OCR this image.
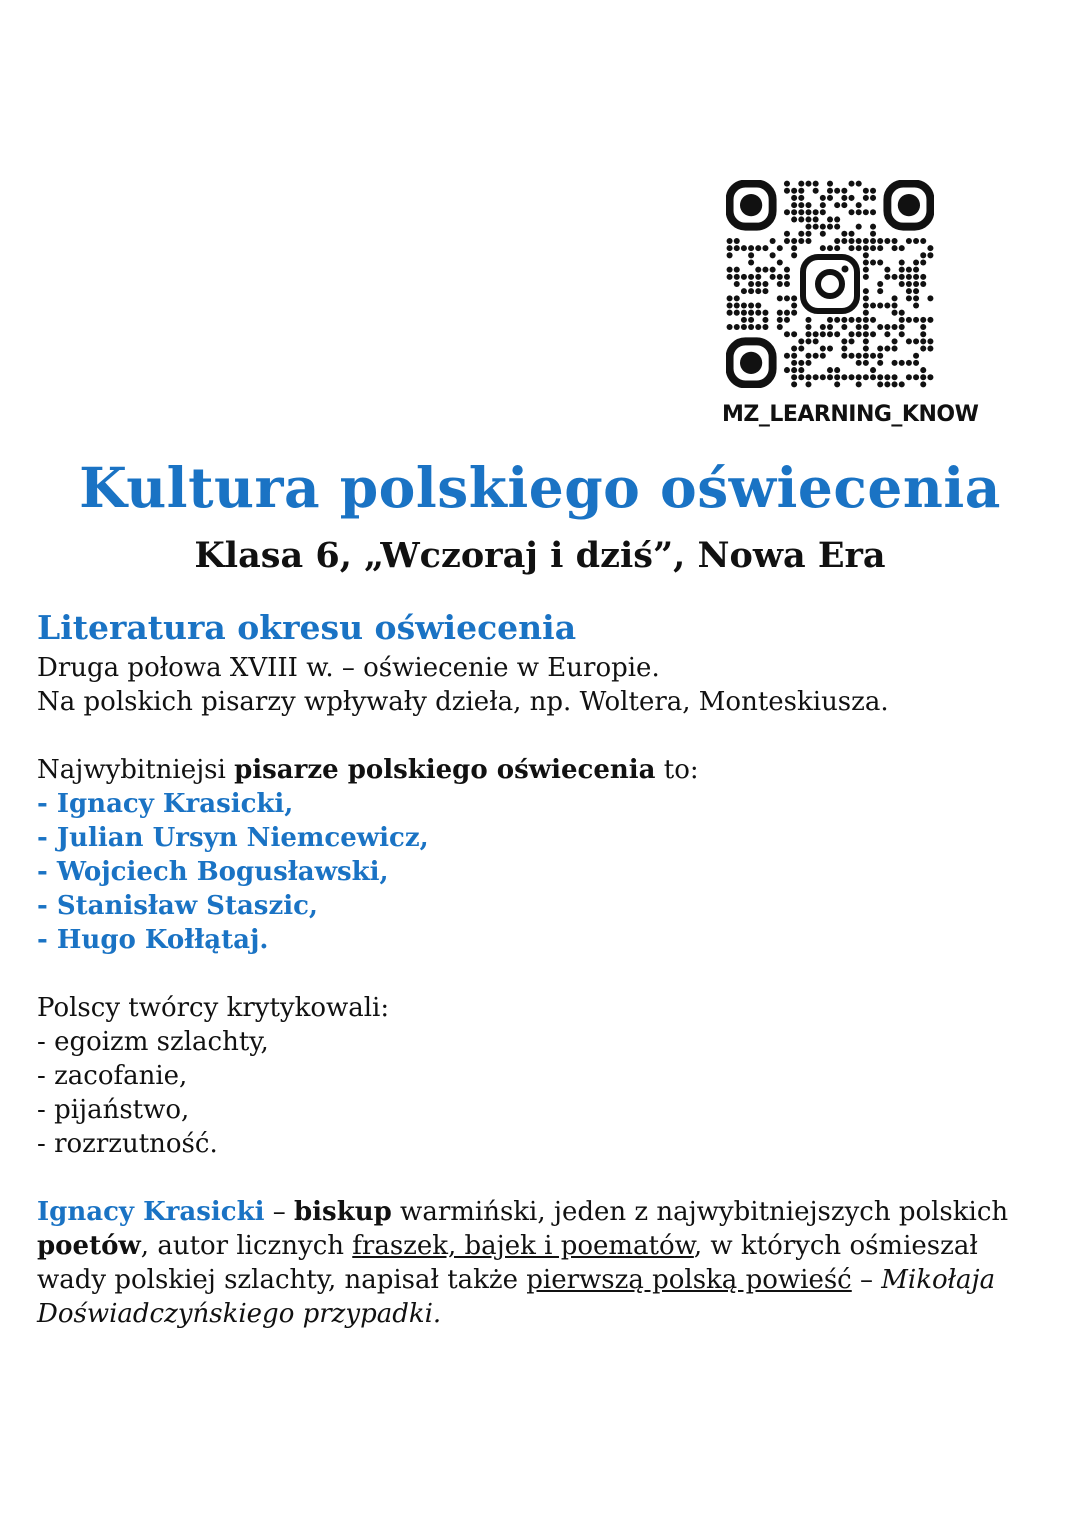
MZ_LEARNING_KNOW
Kultura polskiego oświecenia
Klasa 6, „Wczoraj i dziś”, Nowa Era
Literatura okresu oświecenia

Druga połowa XVIII w. – oświecenie w Europie.

Na polskich pisarzy wpływały dzieła, np. Woltera, Monteskiusza.

Najwybitniejsi pisarze polskiego oświecenia to:

- Ignacy Krasicki,

- Julian Ursyn Niemcewicz,

- Wojciech Bogusławski,

- Stanisław Staszic,

- Hugo Kołłątaj.

Polscy twórcy krytykowali:

- egoizm szlachty,

- zacofanie,

- pijaństwo,

- rozrzutność.

Ignacy Krasicki – biskup warmiński, jeden z najwybitniejszych polskich poetów, autor licznych fraszek, bajek i poematów, w których ośmieszał wady polskiej szlachty, napisał także pierwszą polską powieść – Mikołaja Doświadczyńskiego przypadki.
